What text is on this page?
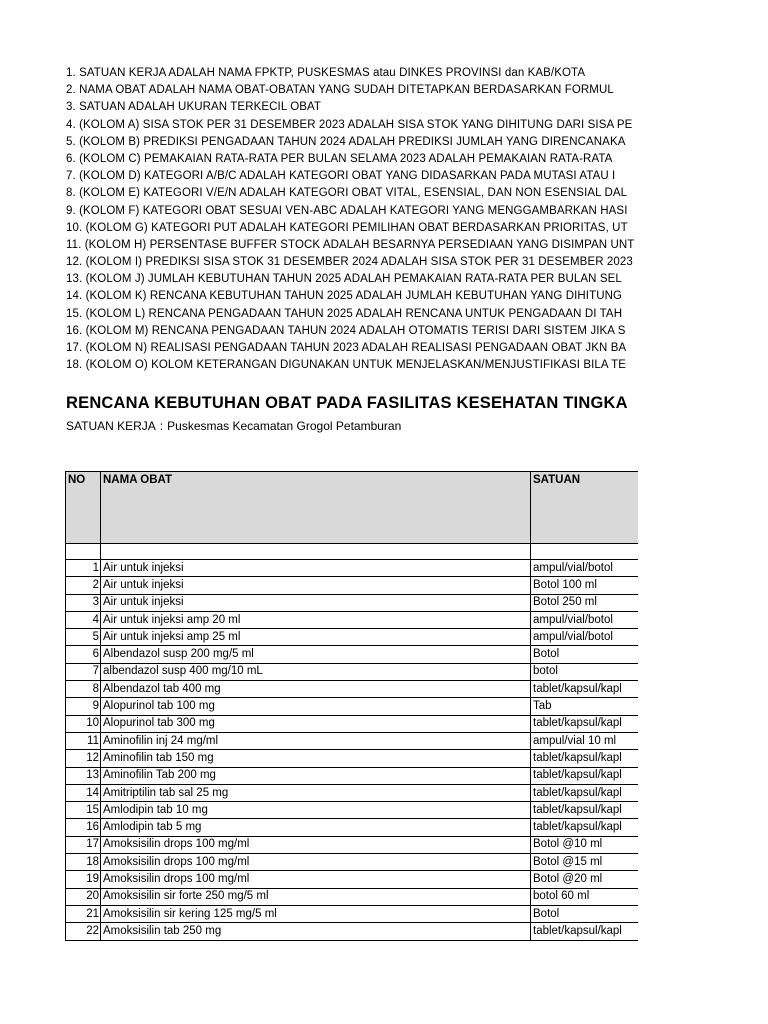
1. SATUAN KERJA ADALAH NAMA FPKTP, PUSKESMAS atau DINKES PROVINSI dan KAB/KOTA
2. NAMA OBAT ADALAH NAMA OBAT-OBATAN YANG SUDAH DITETAPKAN BERDASARKAN FORMUL
3. SATUAN ADALAH UKURAN TERKECIL OBAT
4. (KOLOM A) SISA STOK PER 31 DESEMBER 2023 ADALAH SISA STOK YANG DIHITUNG DARI SISA PE
5. (KOLOM B) PREDIKSI PENGADAAN TAHUN 2024 ADALAH PREDIKSI JUMLAH YANG DIRENCANAKA
6. (KOLOM C) PEMAKAIAN RATA-RATA PER BULAN SELAMA 2023 ADALAH PEMAKAIAN RATA-RATA
7. (KOLOM D) KATEGORI A/B/C ADALAH KATEGORI OBAT YANG DIDASARKAN PADA MUTASI ATAU I
8. (KOLOM E) KATEGORI V/E/N ADALAH KATEGORI OBAT VITAL, ESENSIAL, DAN NON ESENSIAL DAL
9. (KOLOM F) KATEGORI OBAT SESUAI VEN-ABC ADALAH KATEGORI YANG MENGGAMBARKAN HASI
10. (KOLOM G) KATEGORI PUT ADALAH KATEGORI PEMILIHAN OBAT BERDASARKAN PRIORITAS, UT
11. (KOLOM H) PERSENTASE BUFFER STOCK ADALAH BESARNYA PERSEDIAAN YANG DISIMPAN UNT
12. (KOLOM I) PREDIKSI SISA STOK 31 DESEMBER 2024 ADALAH SISA STOK PER 31 DESEMBER 2023
13. (KOLOM J) JUMLAH KEBUTUHAN TAHUN 2025 ADALAH PEMAKAIAN RATA-RATA PER BULAN SEL
14. (KOLOM K) RENCANA KEBUTUHAN TAHUN 2025 ADALAH JUMLAH KEBUTUHAN YANG DIHITUNG
15. (KOLOM L) RENCANA PENGADAAN TAHUN 2025 ADALAH RENCANA UNTUK PENGADAAN DI TAH
16. (KOLOM M) RENCANA PENGADAAN TAHUN 2024 ADALAH OTOMATIS TERISI DARI SISTEM JIKA S
17. (KOLOM N) REALISASI PENGADAAN TAHUN 2023 ADALAH REALISASI PENGADAAN OBAT JKN BA
18. (KOLOM O) KOLOM KETERANGAN DIGUNAKAN UNTUK MENJELASKAN/MENJUSTIFIKASI BILA TE
RENCANA KEBUTUHAN OBAT PADA FASILITAS KESEHATAN TINGKA
SATUAN KERJA : Puskesmas Kecamatan Grogol Petamburan
NO	NAMA OBAT	SATUAN

1	Air untuk injeksi	ampul/vial/botol
2	Air untuk injeksi	Botol 100 ml
3	Air untuk injeksi	Botol 250 ml
4	Air untuk injeksi amp 20 ml	ampul/vial/botol
5	Air untuk injeksi amp 25 ml	ampul/vial/botol
6	Albendazol susp 200 mg/5 ml	Botol
7	albendazol susp 400 mg/10 mL	botol
8	Albendazol tab 400 mg	tablet/kapsul/kapl
9	Alopurinol tab 100 mg	Tab
10	Alopurinol tab 300 mg	tablet/kapsul/kapl
11	Aminofilin inj 24 mg/ml	ampul/vial 10 ml
12	Aminofilin tab 150 mg	tablet/kapsul/kapl
13	Aminofilin Tab 200 mg	tablet/kapsul/kapl
14	Amitriptilin tab sal 25 mg	tablet/kapsul/kapl
15	Amlodipin tab 10 mg	tablet/kapsul/kapl
16	Amlodipin tab 5 mg	tablet/kapsul/kapl
17	Amoksisilin drops 100 mg/ml	Botol @10 ml
18	Amoksisilin drops 100 mg/ml	Botol @15 ml
19	Amoksisilin drops 100 mg/ml	Botol @20 ml
20	Amoksisilin sir forte 250 mg/5 ml	botol 60 ml
21	Amoksisilin sir kering 125 mg/5 ml	Botol
22	Amoksisilin tab 250 mg	tablet/kapsul/kapl
